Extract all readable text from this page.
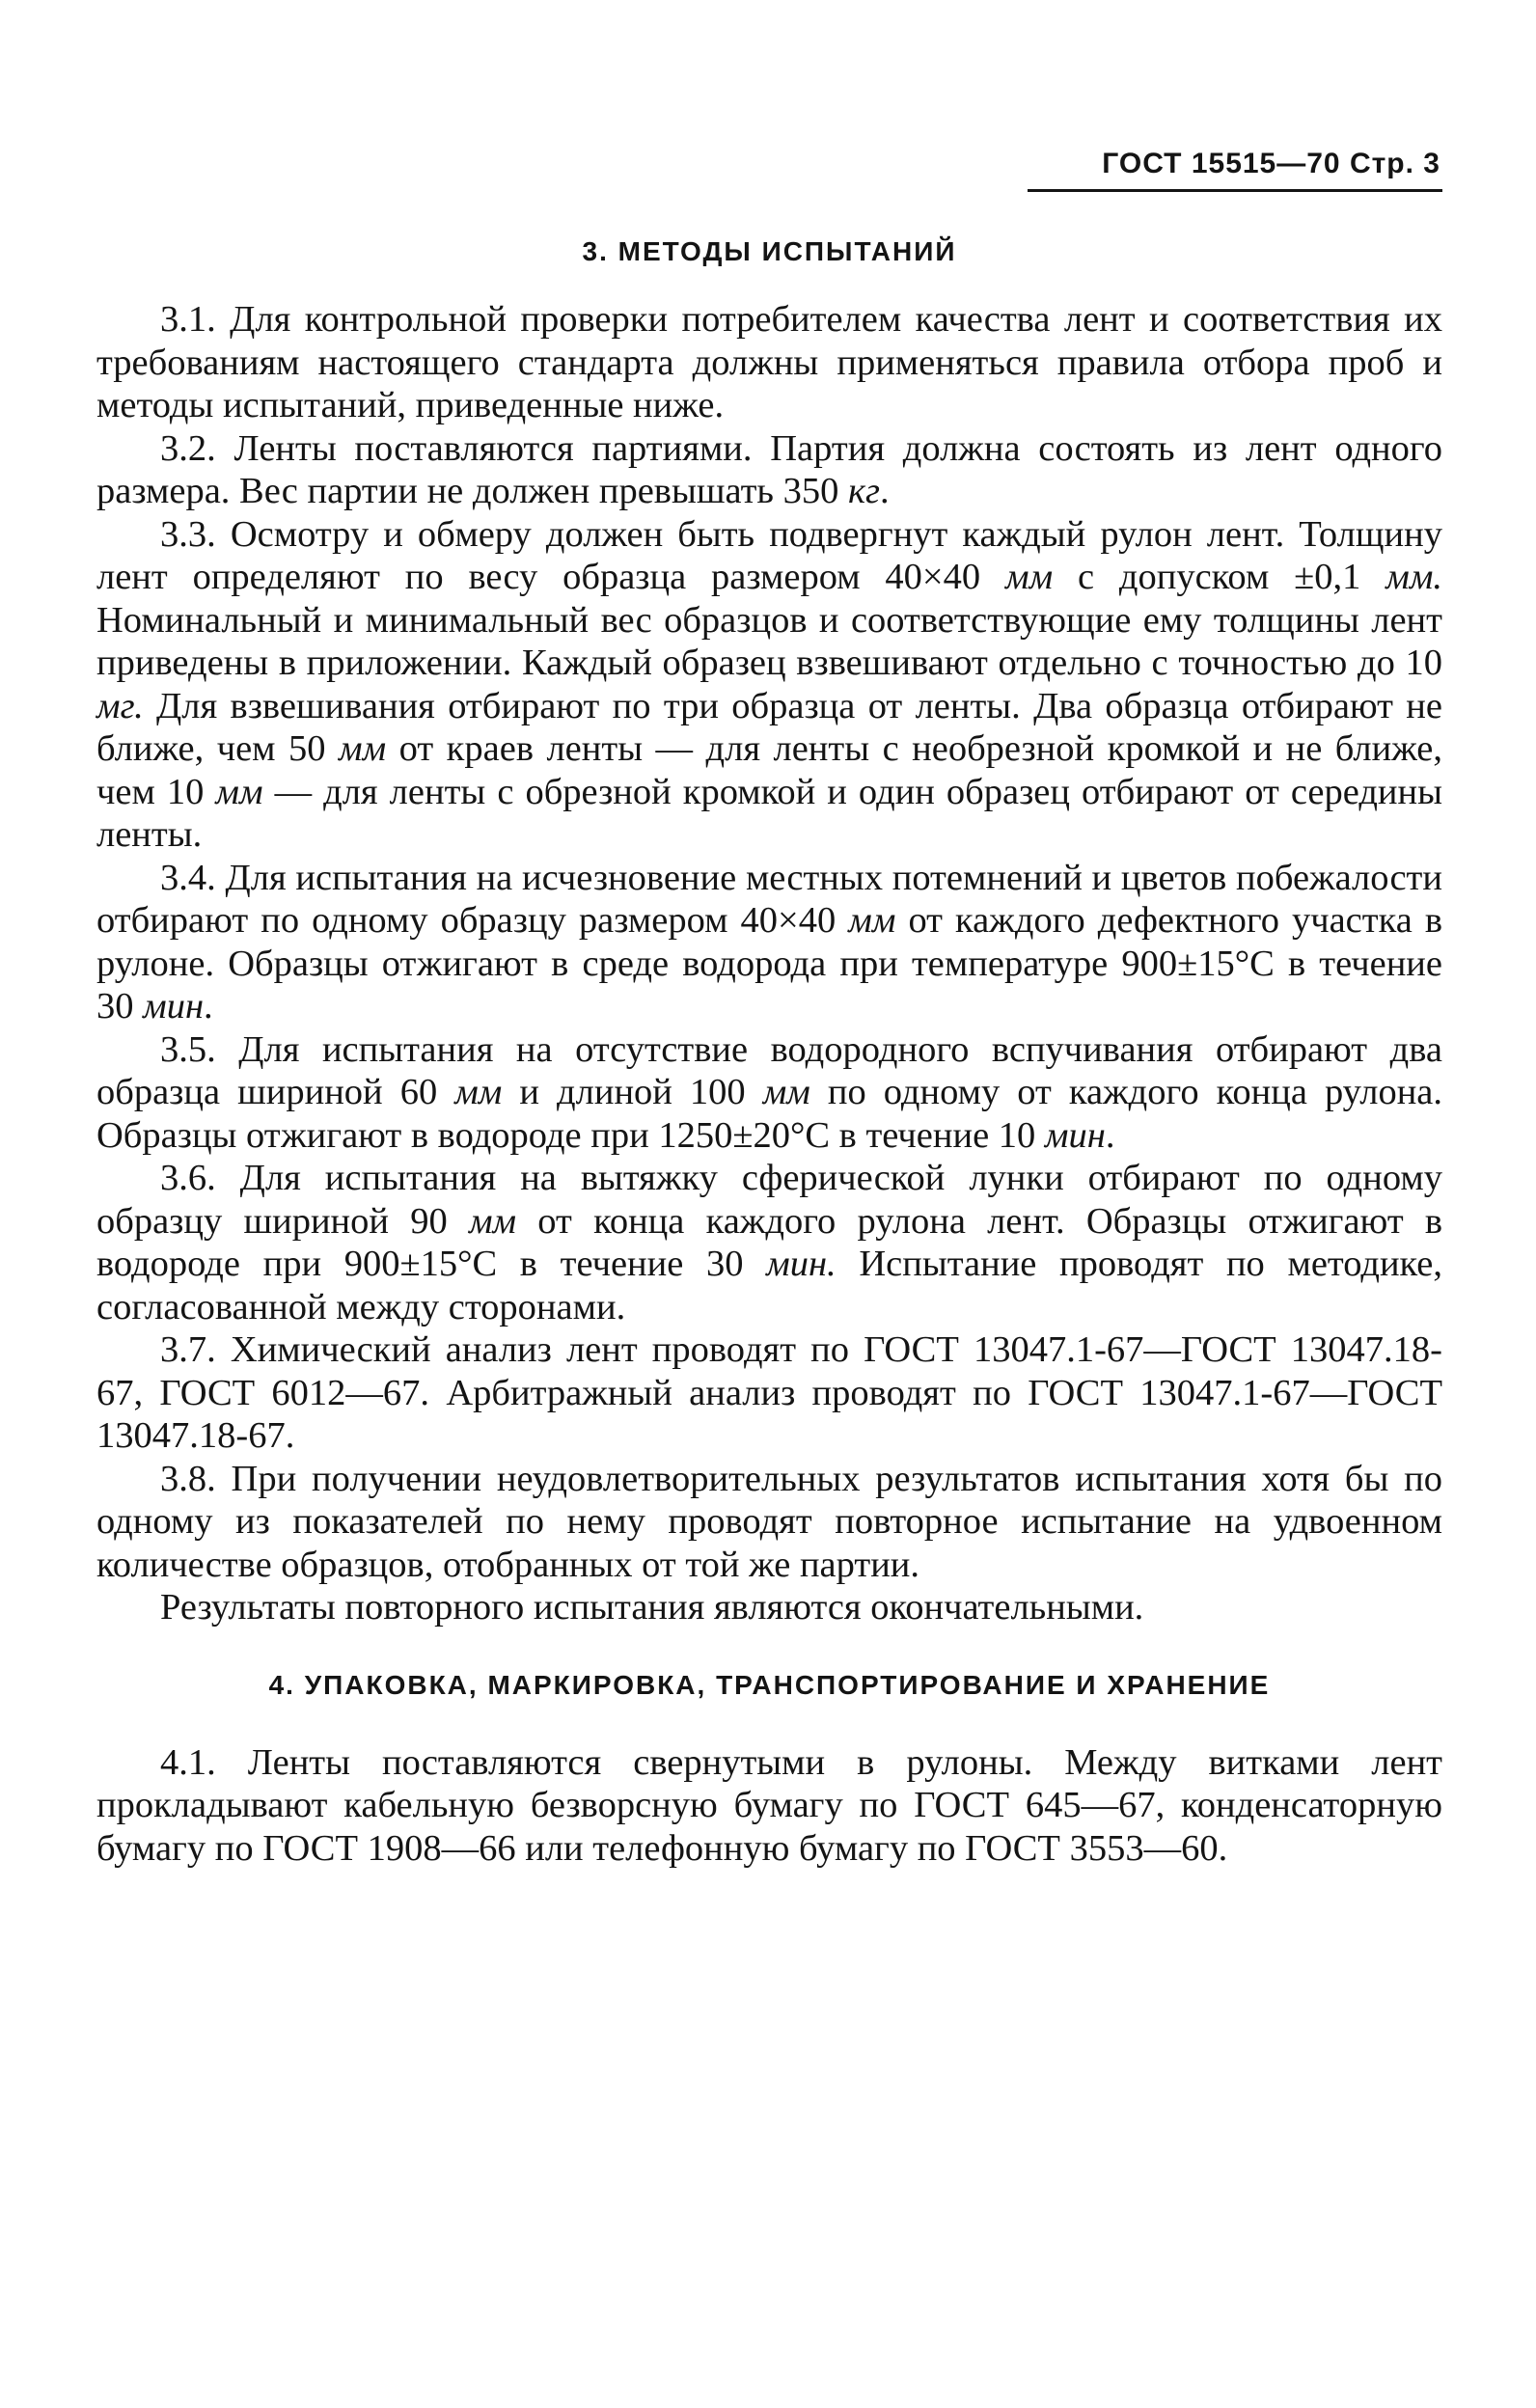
ГОСТ 15515—70 Стр. 3
3. МЕТОДЫ ИСПЫТАНИЙ

3.1. Для контрольной проверки потребителем качества лент и соответствия их требованиям настоящего стандарта должны применяться правила отбора проб и методы испытаний, приведенные ниже.

3.2. Ленты поставляются партиями. Партия должна состоять из лент одного размера. Вес партии не должен превышать 350 кг.

3.3. Осмотру и обмеру должен быть подвергнут каждый рулон лент. Толщину лент определяют по весу образца размером 40×40 мм с допуском ±0,1 мм. Номинальный и минимальный вес образцов и соответствующие ему толщины лент приведены в приложении. Каждый образец взвешивают отдельно с точностью до 10 мг. Для взвешивания отбирают по три образца от ленты. Два образца отбирают не ближе, чем 50 мм от краев ленты — для ленты с необрезной кромкой и не ближе, чем 10 мм — для ленты с обрезной кромкой и один образец отбирают от середины ленты.

3.4. Для испытания на исчезновение местных потемнений и цветов побежалости отбирают по одному образцу размером 40×40 мм от каждого дефектного участка в рулоне. Образцы отжигают в среде водорода при температуре 900±15°С в течение 30 мин.

3.5. Для испытания на отсутствие водородного вспучивания отбирают два образца шириной 60 мм и длиной 100 мм по одному от каждого конца рулона. Образцы отжигают в водороде при 1250±20°С в течение 10 мин.

3.6. Для испытания на вытяжку сферической лунки отбирают по одному образцу шириной 90 мм от конца каждого рулона лент. Образцы отжигают в водороде при 900±15°С в течение 30 мин. Испытание проводят по методике, согласованной между сторонами.

3.7. Химический анализ лент проводят по ГОСТ 13047.1-67—ГОСТ 13047.18-67, ГОСТ 6012—67. Арбитражный анализ проводят по ГОСТ 13047.1-67—ГОСТ 13047.18-67.

3.8. При получении неудовлетворительных результатов испытания хотя бы по одному из показателей по нему проводят повторное испытание на удвоенном количестве образцов, отобранных от той же партии.

Результаты повторного испытания являются окончательными.

4. УПАКОВКА, МАРКИРОВКА, ТРАНСПОРТИРОВАНИЕ И ХРАНЕНИЕ

4.1. Ленты поставляются свернутыми в рулоны. Между витками лент прокладывают кабельную безворсную бумагу по ГОСТ 645—67, конденсаторную бумагу по ГОСТ 1908—66 или телефонную бумагу по ГОСТ 3553—60.
